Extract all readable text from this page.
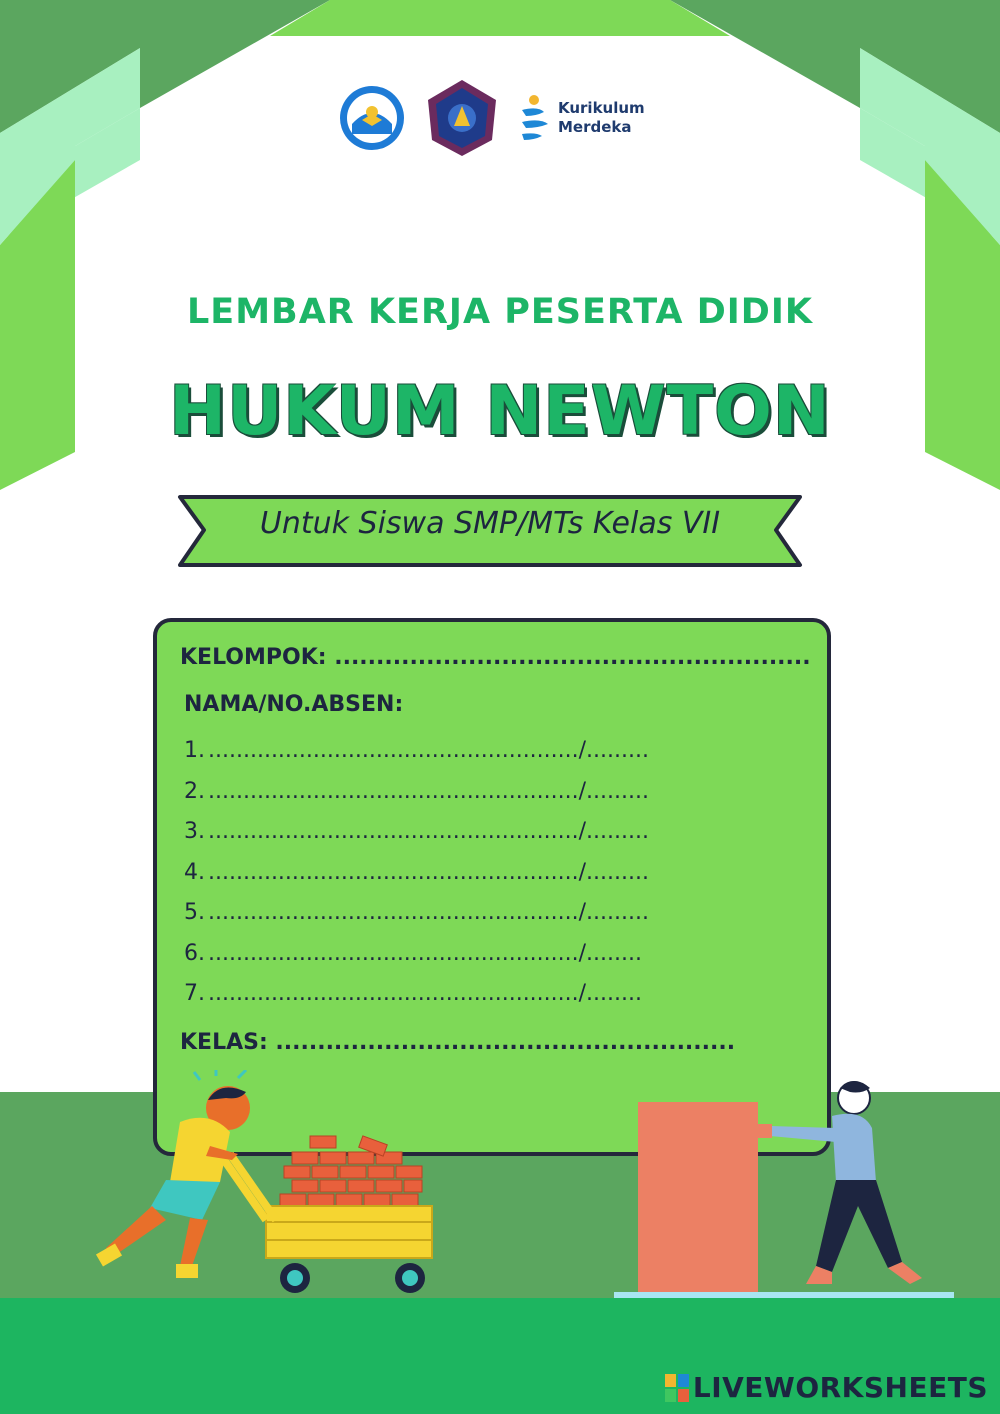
Kurikulum
Merdeka
LEMBAR KERJA PESERTA DIDIK
HUKUM NEWTON
Untuk Siswa SMP/MTs Kelas VII
KELOMPOK: .........................................................
NAMA/NO.ABSEN:
1. ...................................................../.........
2. ...................................................../.........
3. ...................................................../.........
4. ...................................................../.........
5. ...................................................../.........
6. ...................................................../........
7. ...................................................../........
KELAS: .......................................................
LIVEWORKSHEETS
